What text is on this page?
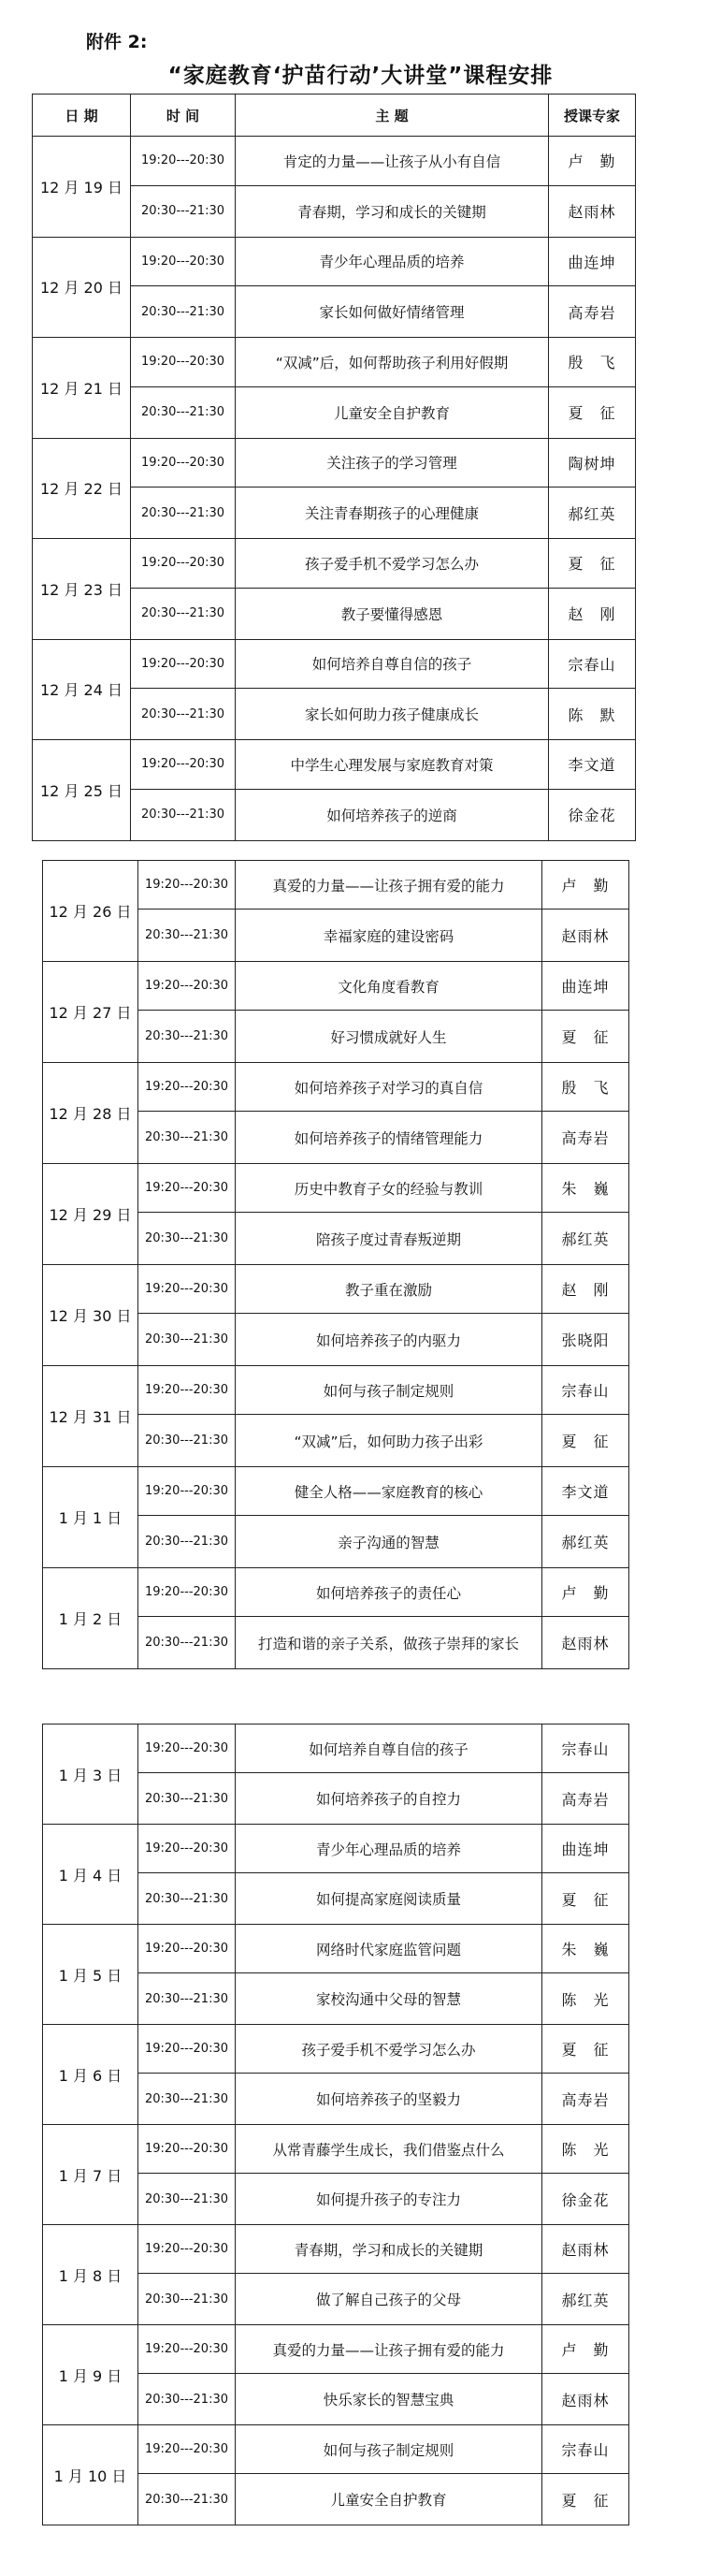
附件 2:
“家庭教育‘护苗行动’大讲堂”课程安排
日 期	时 间	主 题	授课专家
12 月 19 日	19:20---20:30	肯定的力量——让孩子从小有自信	卢　勤
	20:30---21:30	青春期，学习和成长的关键期	赵雨林
12 月 20 日	19:20---20:30	青少年心理品质的培养	曲连坤
	20:30---21:30	家长如何做好情绪管理	高寿岩
12 月 21 日	19:20---20:30	“双减”后，如何帮助孩子利用好假期	殷　飞
	20:30---21:30	儿童安全自护教育	夏　征
12 月 22 日	19:20---20:30	关注孩子的学习管理	陶树坤
	20:30---21:30	关注青春期孩子的心理健康	郝红英
12 月 23 日	19:20---20:30	孩子爱手机不爱学习怎么办	夏　征
	20:30---21:30	教子要懂得感恩	赵　刚
12 月 24 日	19:20---20:30	如何培养自尊自信的孩子	宗春山
	20:30---21:30	家长如何助力孩子健康成长	陈　默
12 月 25 日	19:20---20:30	中学生心理发展与家庭教育对策	李文道
	20:30---21:30	如何培养孩子的逆商	徐金花
12 月 26 日	19:20---20:30	真爱的力量——让孩子拥有爱的能力	卢　勤
	20:30---21:30	幸福家庭的建设密码	赵雨林
12 月 27 日	19:20---20:30	文化角度看教育	曲连坤
	20:30---21:30	好习惯成就好人生	夏　征
12 月 28 日	19:20---20:30	如何培养孩子对学习的真自信	殷　飞
	20:30---21:30	如何培养孩子的情绪管理能力	高寿岩
12 月 29 日	19:20---20:30	历史中教育子女的经验与教训	朱　巍
	20:30---21:30	陪孩子度过青春叛逆期	郝红英
12 月 30 日	19:20---20:30	教子重在激励	赵　刚
	20:30---21:30	如何培养孩子的内驱力	张晓阳
12 月 31 日	19:20---20:30	如何与孩子制定规则	宗春山
	20:30---21:30	“双减”后，如何助力孩子出彩	夏　征
1 月 1 日	19:20---20:30	健全人格——家庭教育的核心	李文道
	20:30---21:30	亲子沟通的智慧	郝红英
1 月 2 日	19:20---20:30	如何培养孩子的责任心	卢　勤
	20:30---21:30	打造和谐的亲子关系，做孩子崇拜的家长	赵雨林
1 月 3 日	19:20---20:30	如何培养自尊自信的孩子	宗春山
	20:30---21:30	如何培养孩子的自控力	高寿岩
1 月 4 日	19:20---20:30	青少年心理品质的培养	曲连坤
	20:30---21:30	如何提高家庭阅读质量	夏　征
1 月 5 日	19:20---20:30	网络时代家庭监管问题	朱　巍
	20:30---21:30	家校沟通中父母的智慧	陈　光
1 月 6 日	19:20---20:30	孩子爱手机不爱学习怎么办	夏　征
	20:30---21:30	如何培养孩子的坚毅力	高寿岩
1 月 7 日	19:20---20:30	从常青藤学生成长，我们借鉴点什么	陈　光
	20:30---21:30	如何提升孩子的专注力	徐金花
1 月 8 日	19:20---20:30	青春期，学习和成长的关键期	赵雨林
	20:30---21:30	做了解自己孩子的父母	郝红英
1 月 9 日	19:20---20:30	真爱的力量——让孩子拥有爱的能力	卢　勤
	20:30---21:30	快乐家长的智慧宝典	赵雨林
1 月 10 日	19:20---20:30	如何与孩子制定规则	宗春山
	20:30---21:30	儿童安全自护教育	夏　征
